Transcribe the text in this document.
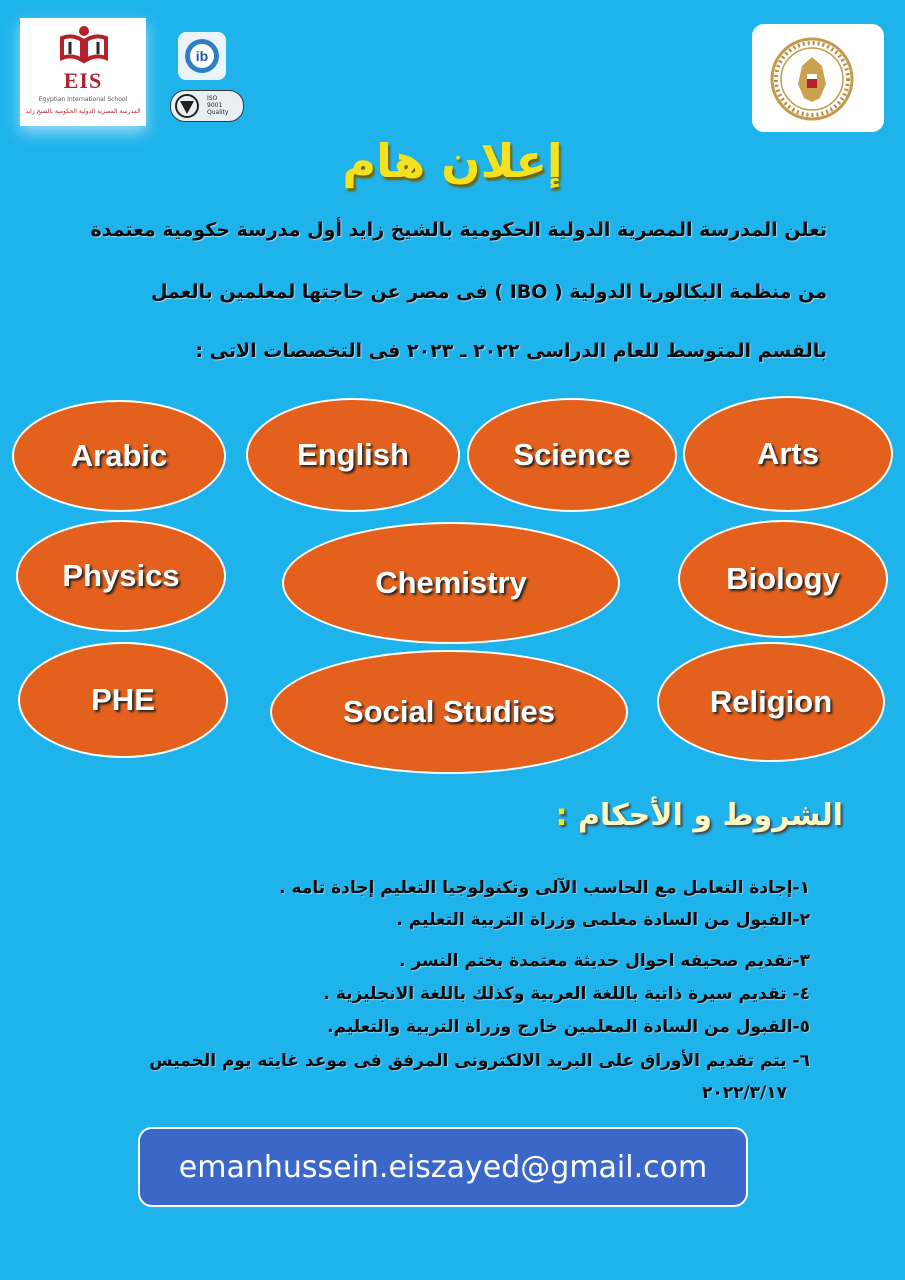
EIS
Egyptian International School
المدرسة المصرية الدولية الحكومية بالشيخ زايد
ib
ISO
9001
Quality
إعلان هام
تعلن المدرسة المصرية الدولية الحكومية بالشيخ زايد أول مدرسة حكومية معتمدة
من منظمة البكالوريا الدولية ( IBO ) فى مصر عن حاجتها لمعلمين بالعمل
بالقسم المتوسط للعام الدراسى ٢٠٢٢ ـ ٢٠٢٣ فى التخصصات الاتى :
Arabic	English	Science	Arts
Physics	Chemistry	Biology
PHE	Social Studies	Religion
الشروط و الأحكام :
١-إجادة التعامل مع الحاسب الآلى وتكنولوجيا التعليم إجادة تامه .
٢-القبول من السادة معلمى وزراة التربية التعليم .
٣-تقديم صحيفه احوال حديثة معتمدة بختم النسر .
٤- تقديم سيرة ذاتية باللغة العربية وكذلك باللغة الانجليزية .
٥-القبول من السادة المعلمين خارج وزراة التربية والتعليم.
٦- يتم تقديم الأوراق على البريد الالكترونى المرفق فى موعد غايته يوم الخميس
٢٠٢٢/٣/١٧
emanhussein.eiszayed@gmail.com
